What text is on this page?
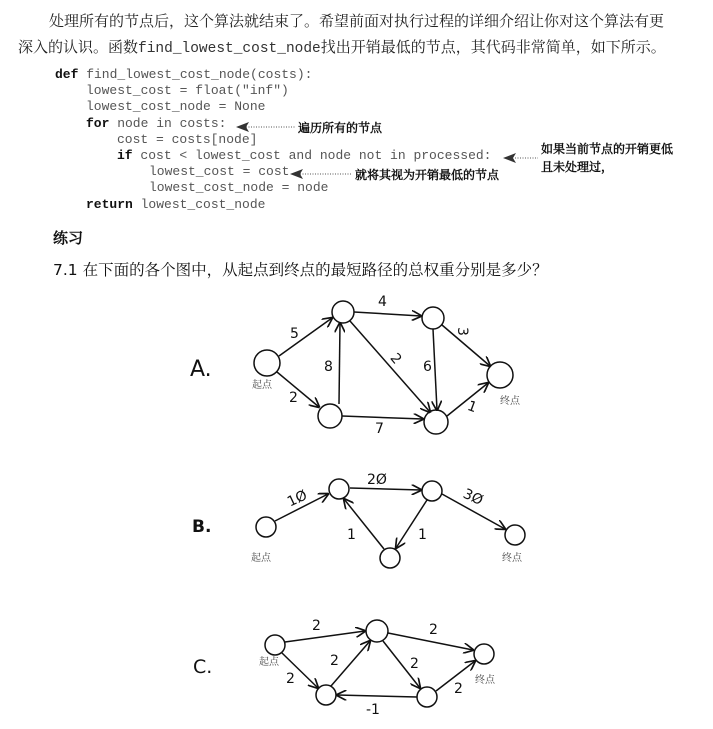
处理所有的节点后，这个算法就结束了。希望前面对执行过程的详细介绍让你对这个算法有更
深入的认识。函数find_lowest_cost_node找出开销最低的节点，其代码非常简单，如下所示。
def find_lowest_cost_node(costs):
lowest_cost = float("inf")
lowest_cost_node = None
for node in costs:
cost = costs[node]
if cost < lowest_cost and node not in processed:
lowest_cost = cost
lowest_cost_node = node
return lowest_cost_node
遍历所有的节点
如果当前节点的开销更低
且未处理过，
就将其视为开销最低的节点
练习
7.1 在下面的各个图中，从起点到终点的最短路径的总权重分别是多少？
A.
5
2
8
4
2
7
6
3
1
起点
终点
B.
1Ø
2Ø
3Ø
1	1
起点	终点
C.
2
2
2
2
2
2
-1
起点
终点
